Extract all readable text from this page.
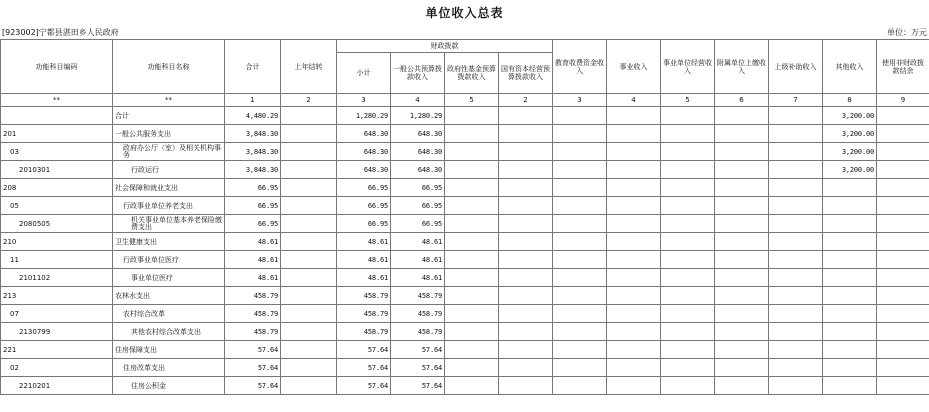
单位收入总表
[923002]宁都县湛田乡人民政府	单位：万元
功能科目编码	功能科目名称	合计	上年结转	财政拨款				教育收费资金收入	事业收入	事业单位经营收入	附属单位上缴收入	上级补助收入	其他收入	使用非财政拨款结余
				小计	一般公共预算拨款收入	政府性基金预算拨款收入	国有资本经营预算拨款收入							
**	**	1	2	3	4	5	2	3	4	5	6	7	8	9
	合计	4,480.29		1,280.29	1,280.29								3,200.00	
201	一般公共服务支出	3,848.30		648.30	648.30								3,200.00	
03	政府办公厅（室）及相关机构事务	3,848.30		648.30	648.30								3,200.00	
2010301	行政运行	3,848.30		648.30	648.30								3,200.00	
208	社会保障和就业支出	66.95		66.95	66.95									
05	行政事业单位养老支出	66.95		66.95	66.95									
2080505	机关事业单位基本养老保险缴费支出	66.95		66.95	66.95									
210	卫生健康支出	48.61		48.61	48.61									
11	行政事业单位医疗	48.61		48.61	48.61									
2101102	事业单位医疗	48.61		48.61	48.61									
213	农林水支出	458.79		458.79	458.79									
07	农村综合改革	458.79		458.79	458.79									
2130799	其他农村综合改革支出	458.79		458.79	458.79									
221	住房保障支出	57.64		57.64	57.64									
02	住房改革支出	57.64		57.64	57.64									
2210201	住房公积金	57.64		57.64	57.64									
